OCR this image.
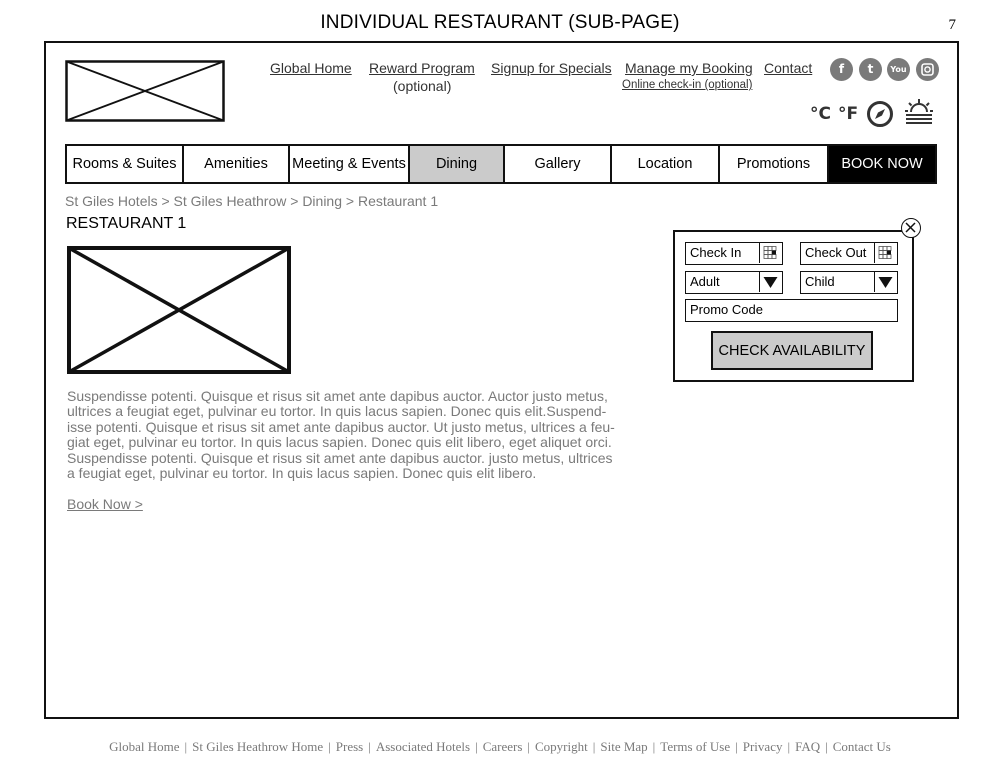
INDIVIDUAL RESTAURANT (SUB-PAGE)	7
Global Home Reward Program
(optional)
Signup for Specials Manage my Booking
Online check-in (optional)
Contact	f	t	You
°C °F
Rooms & Suites	Amenities	Meeting & Events	Dining	Gallery	Location	Promotions	BOOK NOW
St Giles Hotels > St Giles Heathrow > Dining > Restaurant 1
RESTAURANT 1
Suspendisse potenti. Quisque et risus sit amet ante dapibus auctor. Auctor justo metus,
ultrices a feugiat eget, pulvinar eu tortor. In quis lacus sapien. Donec quis elit.Suspend-
isse potenti. Quisque et risus sit amet ante dapibus auctor. Ut justo metus, ultrices a feu-
giat eget, pulvinar eu tortor. In quis lacus sapien. Donec quis elit libero, eget aliquet orci.
Suspendisse potenti. Quisque et risus sit amet ante dapibus auctor. justo metus, ultrices
a feugiat eget, pulvinar eu tortor. In quis lacus sapien. Donec quis elit libero.
Book Now >
Check In	Check Out
Adult	Child
Promo Code
CHECK AVAILABILITY
Global Home | St Giles Heathrow Home | Press | Associated Hotels | Careers | Copyright | Site Map | Terms of Use | Privacy | FAQ | Contact Us
